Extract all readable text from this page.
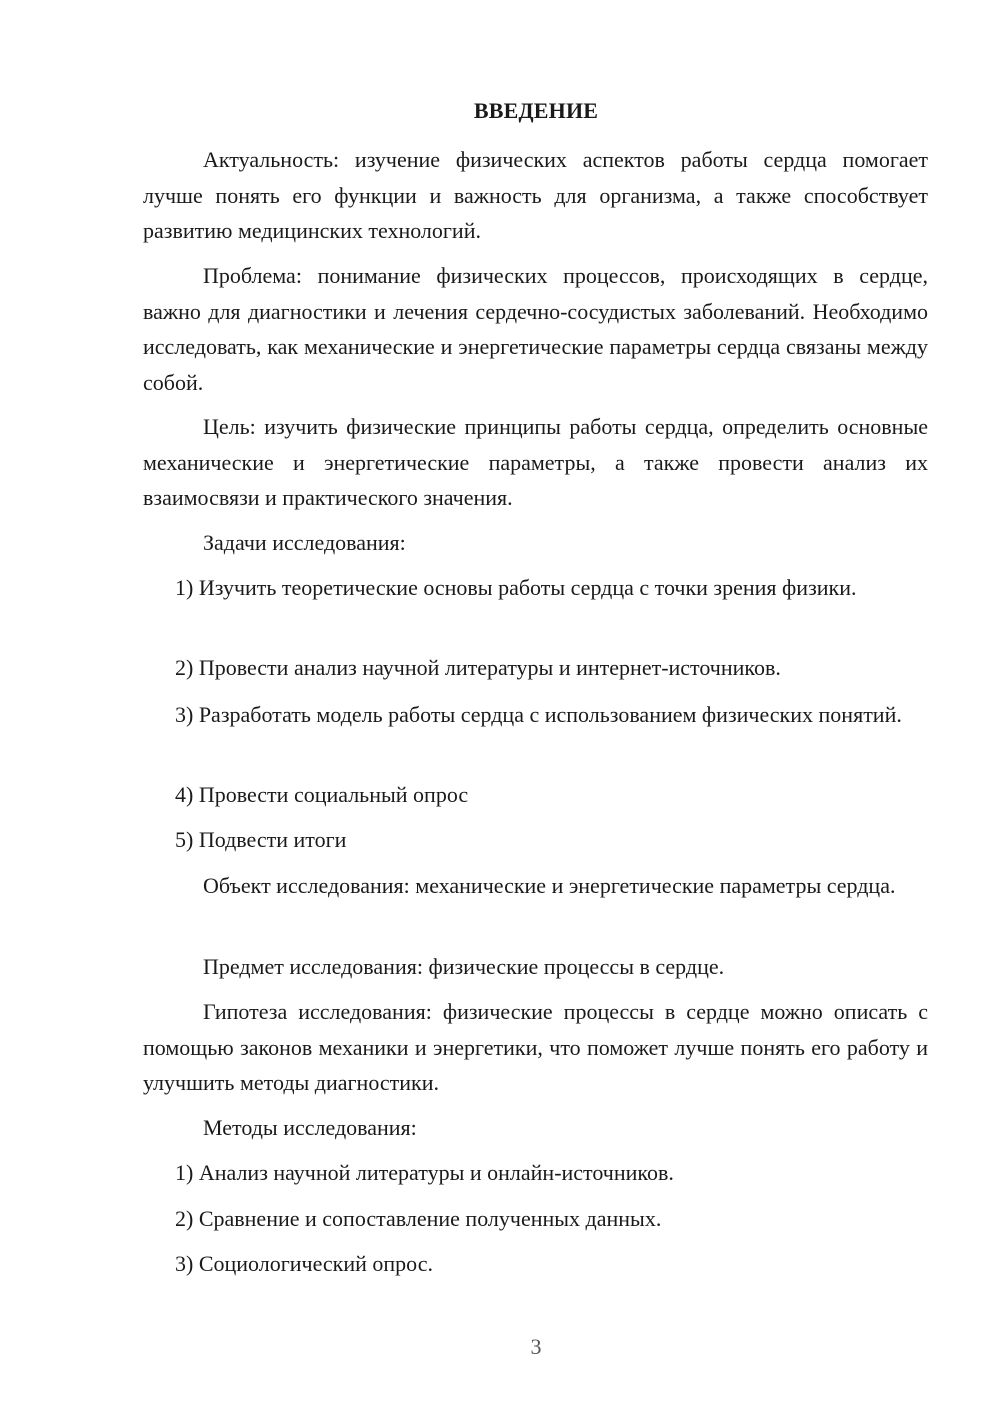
ВВЕДЕНИЕ

Актуальность: изучение физических аспектов работы сердца помогает лучше понять его функции и важность для организма, а также способствует развитию медицинских технологий.

Проблема: понимание физических процессов, происходящих в сердце, важно для диагностики и лечения сердечно-сосудистых заболеваний. Необходимо исследовать, как механические и энергетические параметры сердца связаны между собой.

Цель: изучить физические принципы работы сердца, определить основные механические и энергетические параметры, а также провести анализ их взаимосвязи и практического значения.

Задачи исследования:

1) Изучить теоретические основы работы сердца с точки зрения физики.

2) Провести анализ научной литературы и интернет-источников.

3) Разработать модель работы сердца с использованием физических понятий.

4) Провести социальный опрос

5) Подвести итоги

Объект исследования: механические и энергетические параметры сердца.

Предмет исследования: физические процессы в сердце.

Гипотеза исследования: физические процессы в сердце можно описать с помощью законов механики и энергетики, что поможет лучше понять его работу и улучшить методы диагностики.

Методы исследования:

1) Анализ научной литературы и онлайн-источников.

2) Сравнение и сопоставление полученных данных.

3) Социологический опрос.

3
